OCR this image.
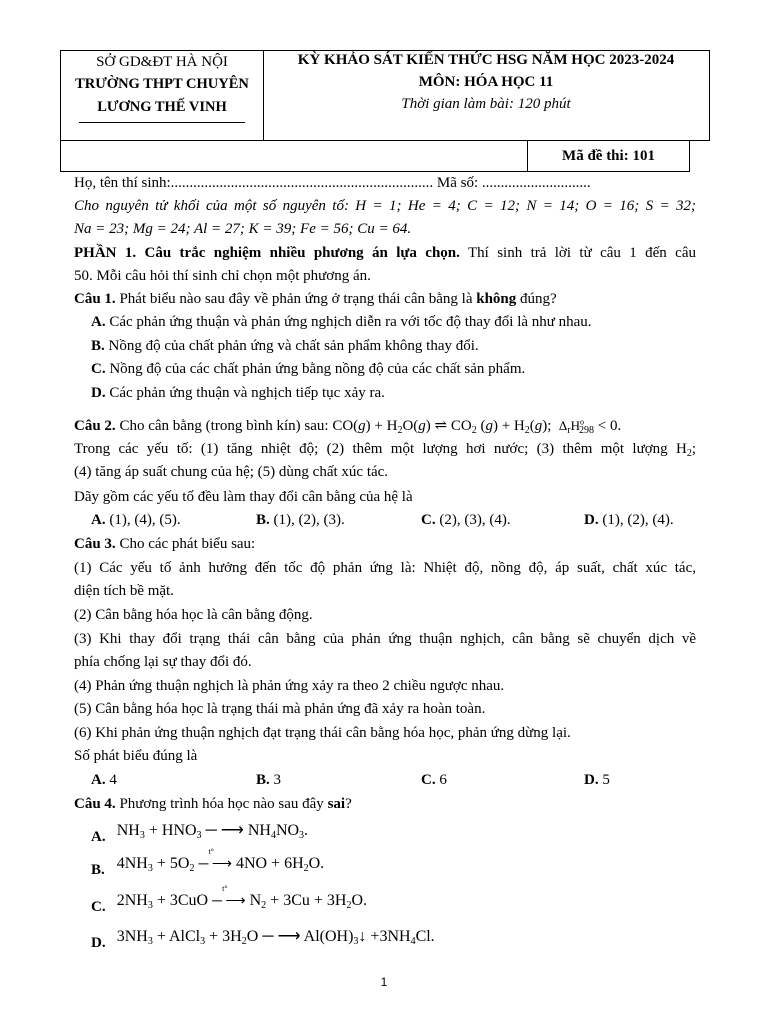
SỞ GD&ĐT HÀ NỘI
TRƯỜNG THPT CHUYÊN
LƯƠNG THẾ VINH
KỲ KHẢO SÁT KIẾN THỨC HSG NĂM HỌC 2023-2024
MÔN: HÓA HỌC 11
Thời gian làm bài: 120 phút
Mã đề thi: 101
Họ, tên thí sinh:...................................................................... Mã số: .............................
Cho nguyên tử khối của một số nguyên tố: H = 1; He = 4; C = 12; N = 14; O = 16; S = 32;
Na = 23; Mg = 24; Al = 27; K = 39; Fe = 56; Cu = 64.
PHẦN 1. Câu trắc nghiệm nhiều phương án lựa chọn. Thí sinh trả lời từ câu 1 đến câu
50. Mỗi câu hỏi thí sinh chỉ chọn một phương án.
Câu 1. Phát biểu nào sau đây về phản ứng ở trạng thái cân bằng là không đúng?
A. Các phản ứng thuận và phản ứng nghịch diễn ra với tốc độ thay đổi là như nhau.
B. Nồng độ của chất phản ứng và chất sản phẩm không thay đổi.
C. Nồng độ của các chất phản ứng bằng nồng độ của các chất sản phẩm.
D. Các phản ứng thuận và nghịch tiếp tục xảy ra.
Câu 2. Cho cân bằng (trong bình kín) sau: $CO(g) + H_2O(g)$ ⇌ $CO_2$ $(g) + H_2(g)$;  $\Delta_rH^o_{298} < 0$.
Trong các yếu tố: (1) tăng nhiệt độ; (2) thêm một lượng hơi nước; (3) thêm một lượng $H_2$;
(4) tăng áp suất chung của hệ; (5) dùng chất xúc tác.
Dãy gồm các yếu tố đều làm thay đổi cân bằng của hệ là
A. (1), (4), (5).	B. (1), (2), (3).	C. (2), (3), (4).	D. (1), (2), (4).
Câu 3. Cho các phát biểu sau:
(1) Các yếu tố ảnh hưởng đến tốc độ phản ứng là: Nhiệt độ, nồng độ, áp suất, chất xúc tác,
diện tích bề mặt.
(2) Cân bằng hóa học là cân bằng động.
(3) Khi thay đổi trạng thái cân bằng của phản ứng thuận nghịch, cân bằng sẽ chuyển dịch về
phía chống lại sự thay đổi đó.
(4) Phản ứng thuận nghịch là phản ứng xảy ra theo 2 chiều ngược nhau.
(5) Cân bằng hóa học là trạng thái mà phản ứng đã xảy ra hoàn toàn.
(6) Khi phản ứng thuận nghịch đạt trạng thái cân bằng hóa học, phản ứng dừng lại.
Số phát biểu đúng là
A. 4	B. 3	C. 6	D. 5
Câu 4. Phương trình hóa học nào sau đây sai?
A. $NH_3 + HNO_3$ ─ ⟶ $NH_4NO_3$.
B. $4NH_3 + 5O_2$
t°
─ ⟶ $4NO + 6H_2O$.
C. $2NH_3 + 3CuO$
t°
─ ⟶ $N_2 + 3Cu + 3H_2O$.
D. $3NH_3$ + AlCl$_3$ + $3H_2O$ ─ ⟶ $Al(OH)_3↓ +3NH_4Cl$.
1
